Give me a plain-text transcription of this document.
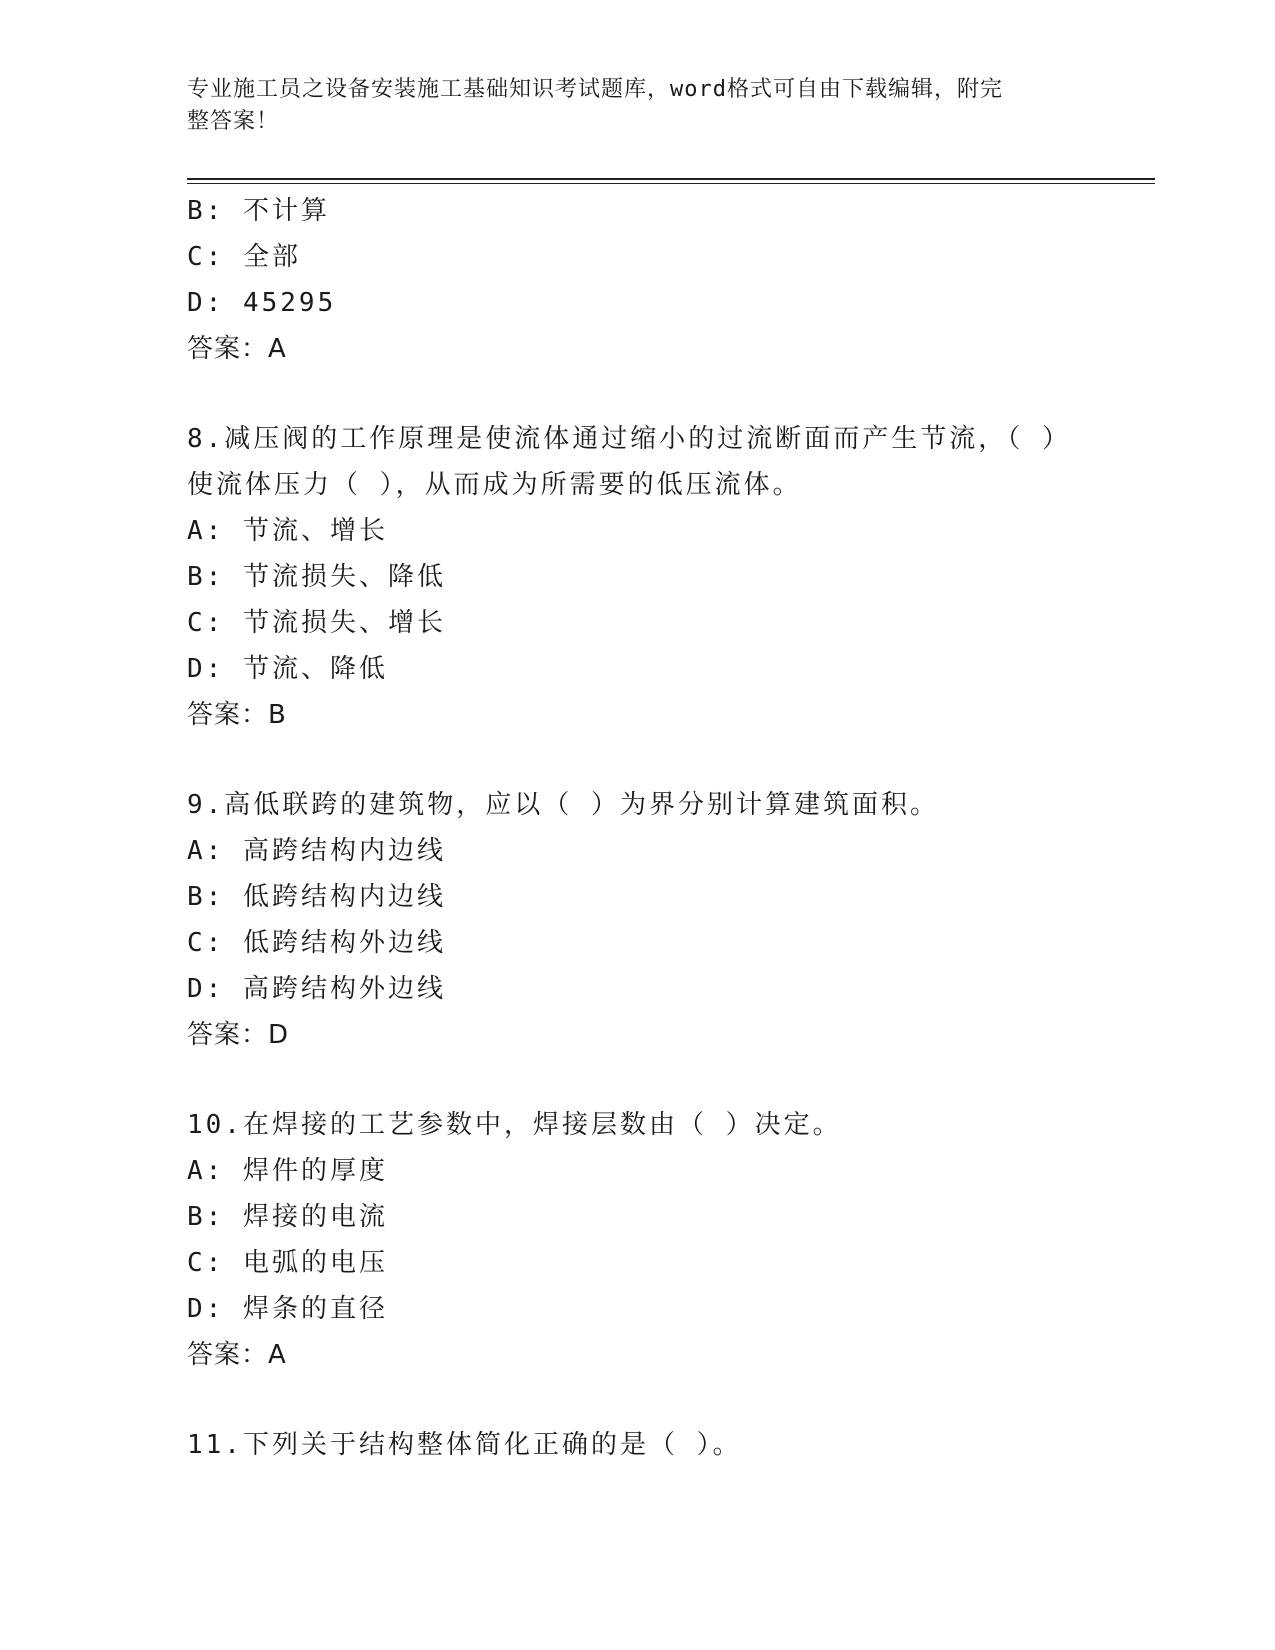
专业施工员之设备安装施工基础知识考试题库，word格式可自由下载编辑，附完
整答案！
B: 不计算
C: 全部
D: 45295
答案：A
8.减压阀的工作原理是使流体通过缩小的过流断面而产生节流，（ ）
使流体压力（ ），从而成为所需要的低压流体。
A: 节流、增长
B: 节流损失、降低
C: 节流损失、增长
D: 节流、降低
答案：B
9.高低联跨的建筑物，应以（ ）为界分别计算建筑面积。
A: 高跨结构内边线
B: 低跨结构内边线
C: 低跨结构外边线
D: 高跨结构外边线
答案：D
10.在焊接的工艺参数中，焊接层数由（ ）决定。
A: 焊件的厚度
B: 焊接的电流
C: 电弧的电压
D: 焊条的直径
答案：A
11.下列关于结构整体简化正确的是（ ）。
